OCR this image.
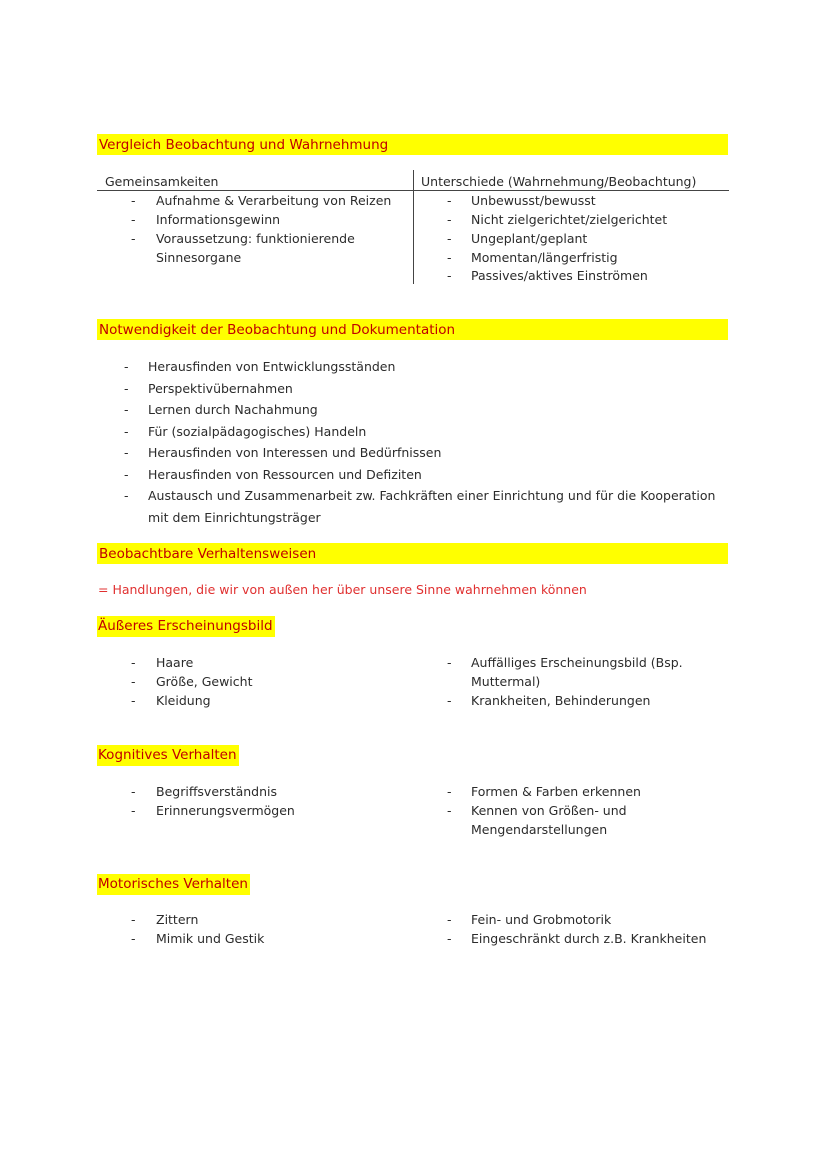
Vergleich Beobachtung und Wahrnehmung
Gemeinsamkeiten	Unterschiede (Wahrnehmung/Beobachtung)
- Aufnahme & Verarbeitung von Reizen
- Informationsgewinn
- Voraussetzung: funktionierende
Sinnesorgane
- Unbewusst/bewusst
- Nicht zielgerichtet/zielgerichtet
- Ungeplant/geplant
- Momentan/längerfristig
- Passives/aktives Einströmen
Notwendigkeit der Beobachtung und Dokumentation
- Herausfinden von Entwicklungsständen
- Perspektivübernahmen
- Lernen durch Nachahmung
- Für (sozialpädagogisches) Handeln
- Herausfinden von Interessen und Bedürfnissen
- Herausfinden von Ressourcen und Defiziten
- Austausch und Zusammenarbeit zw. Fachkräften einer Einrichtung und für die Kooperation
mit dem Einrichtungsträger
Beobachtbare Verhaltensweisen
= Handlungen, die wir von außen her über unsere Sinne wahrnehmen können
Äußeres Erscheinungsbild
- Haare
- Größe, Gewicht
- Kleidung
- Auffälliges Erscheinungsbild (Bsp.
Muttermal)
- Krankheiten, Behinderungen
Kognitives Verhalten
- Begriffsverständnis
- Erinnerungsvermögen
- Formen & Farben erkennen
- Kennen von Größen- und
Mengendarstellungen
Motorisches Verhalten
- Zittern
- Mimik und Gestik
- Fein- und Grobmotorik
- Eingeschränkt durch z.B. Krankheiten
